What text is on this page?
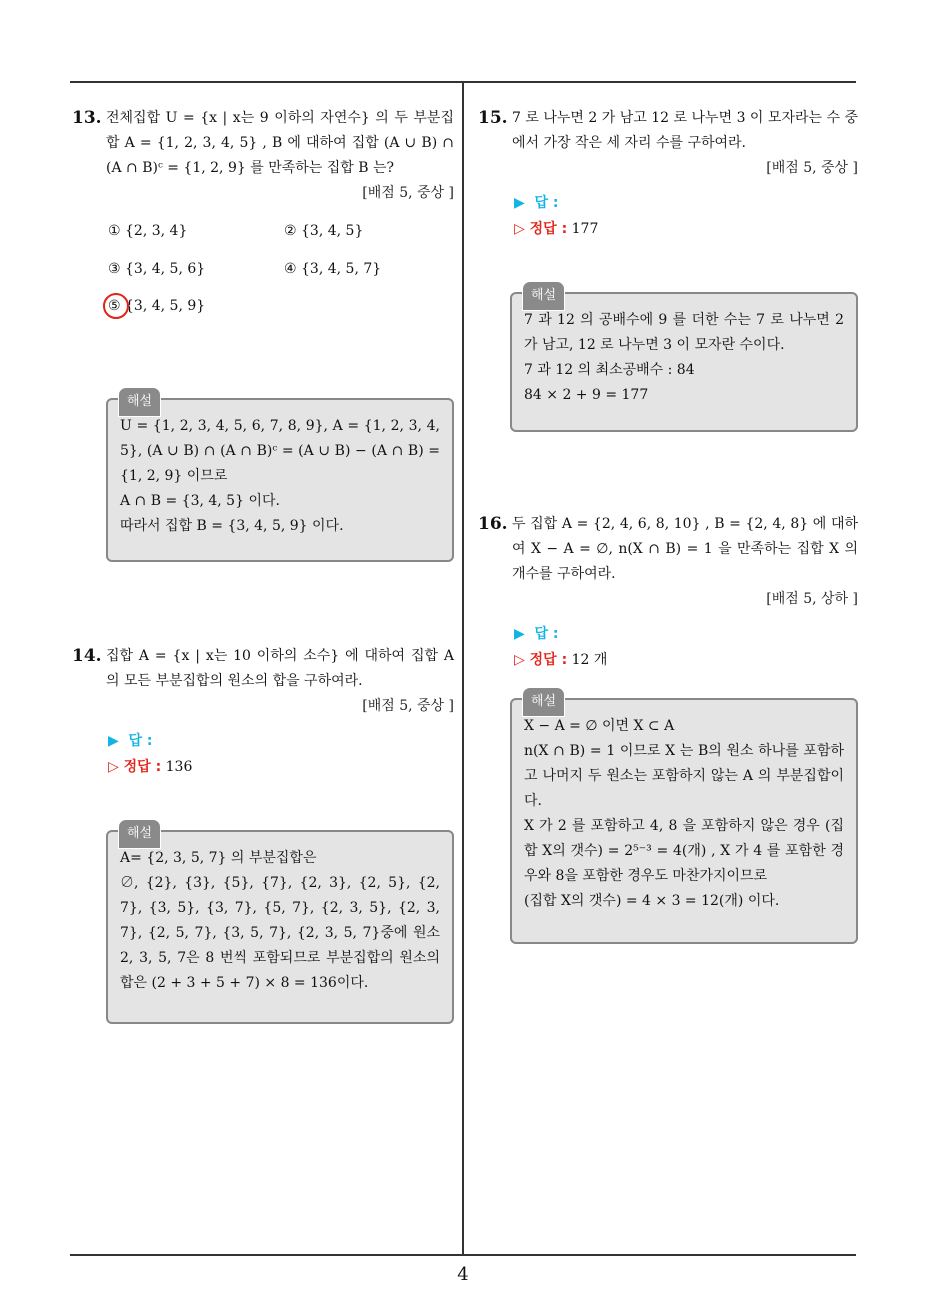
4
13. 전체집합 U = {x | x는 9 이하의 자연수} 의 두 부분집합 A = {1, 2, 3, 4, 5} , B 에 대하여 집합 (A ∪ B) ∩ (A ∩ B)ᶜ = {1, 2, 9} 를 만족하는 집합 B 는?
[배점 5, 중상 ]
① {2, 3, 4}	② {3, 4, 5}
③ {3, 4, 5, 6}	④ {3, 4, 5, 7}
⑤ {3, 4, 5, 9}
해설

U = {1, 2, 3, 4, 5, 6, 7, 8, 9}, A = {1, 2, 3, 4, 5}, (A ∪ B) ∩ (A ∩ B)ᶜ = (A ∪ B) − (A ∩ B) = {1, 2, 9} 이므로

A ∩ B = {3, 4, 5} 이다.

따라서 집합 B = {3, 4, 5, 9} 이다.

14. 집합 A = {x | x는 10 이하의 소수} 에 대하여 집합 A 의 모든 부분집합의 원소의 합을 구하여라.
[배점 5, 중상 ]
▶  답 :
▷ 정답 : 136
해설

A= {2, 3, 5, 7} 의 부분집합은

∅, {2}, {3}, {5}, {7}, {2, 3}, {2, 5}, {2, 7}, {3, 5}, {3, 7}, {5, 7}, {2, 3, 5}, {2, 3, 7}, {2, 5, 7}, {3, 5, 7}, {2, 3, 5, 7}중에 원소 2, 3, 5, 7은 8 번씩 포함되므로 부분집합의 원소의 합은 (2 + 3 + 5 + 7) × 8 = 136이다.

15. 7 로 나누면 2 가 남고 12 로 나누면 3 이 모자라는 수 중에서 가장 작은 세 자리 수를 구하여라.
[배점 5, 중상 ]
▶  답 :
▷ 정답 : 177
해설

7 과 12 의 공배수에 9 를 더한 수는 7 로 나누면 2 가 남고, 12 로 나누면 3 이 모자란 수이다.

7 과 12 의 최소공배수 : 84

84 × 2 + 9 = 177

16. 두 집합 A = {2, 4, 6, 8, 10} , B = {2, 4, 8} 에 대하여 X − A = ∅, n(X ∩ B) = 1 을 만족하는 집합 X 의 개수를 구하여라.
[배점 5, 상하 ]
▶  답 :
▷ 정답 : 12 개
해설

X − A = ∅ 이면 X ⊂ A

n(X ∩ B) = 1 이므로 X 는 B의 원소 하나를 포함하고 나머지 두 원소는 포함하지 않는 A 의 부분집합이다.

X 가 2 를 포함하고 4, 8 을 포함하지 않은 경우 (집합 X의 갯수) = 2⁵⁻³ = 4(개) , X 가 4 를 포함한 경우와 8을 포함한 경우도 마찬가지이므로

(집합 X의 갯수) = 4 × 3 = 12(개) 이다.
